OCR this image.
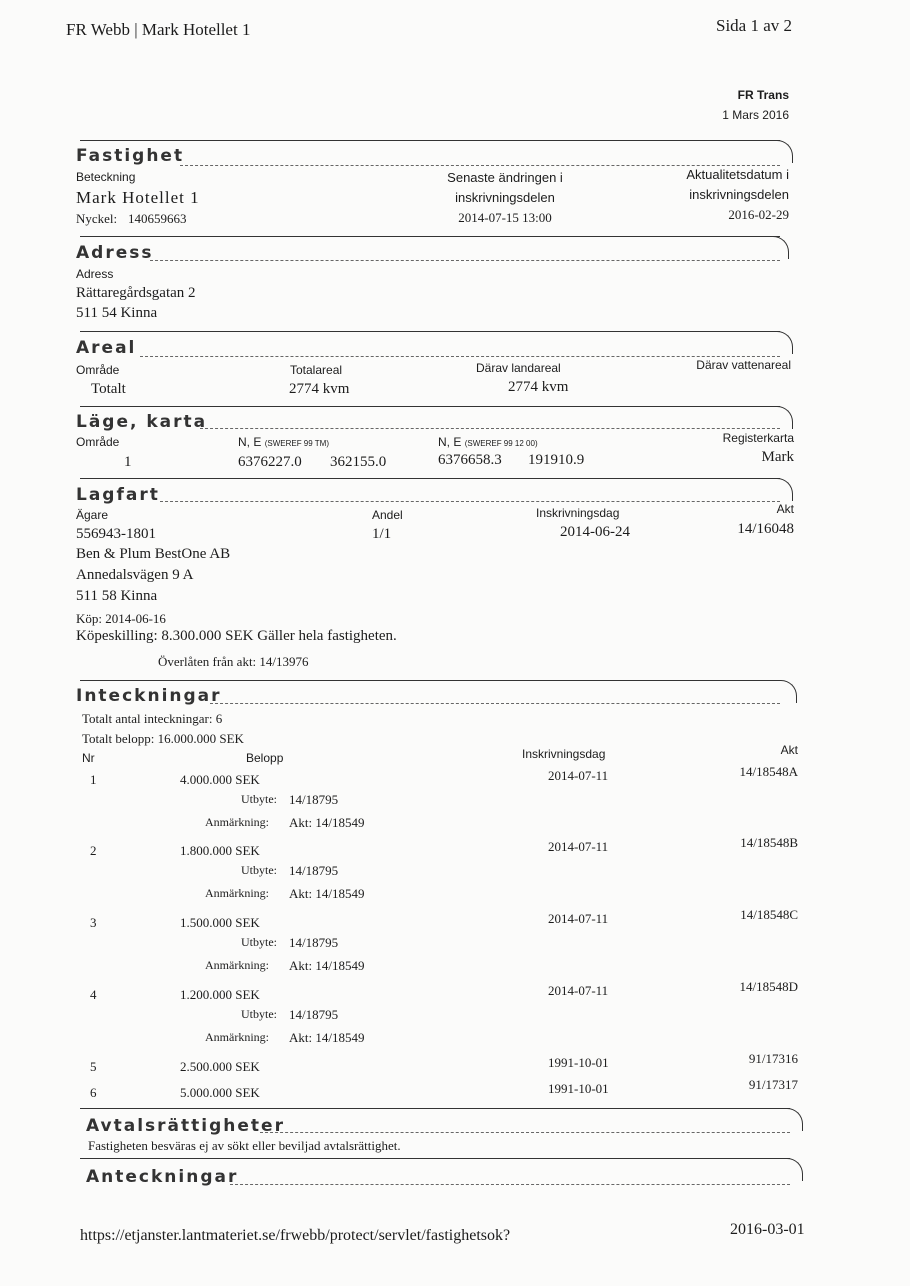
FR Webb | Mark Hotellet 1	Sida 1 av 2
FR Trans
1 Mars 2016
Fastighet
Beteckning
Mark Hotellet 1
Nyckel: 140659663
Senaste ändringen i
inskrivningsdelen
2014-07-15 13:00
Aktualitetsdatum i
inskrivningsdelen
2016-02-29
Adress
Adress
Rättaregårdsgatan 2
511 54 Kinna
Areal
Område	Totalareal	Därav landareal	Därav vattenareal
Totalt	2774 kvm	2774 kvm
Läge, karta
Område	N, E (SWEREF 99 TM)	N, E (SWEREF 99 12 00)	Registerkarta
1	6376227.0 362155.0	6376658.3 191910.9	Mark
Lagfart
Ägare	Andel	Inskrivningsdag	Akt
556943-1801	1/1	2014-06-24	14/16048
Ben & Plum BestOne AB
Annedalsvägen 9 A
511 58 Kinna
Köp: 2014-06-16
Köpeskilling: 8.300.000 SEK Gäller hela fastigheten.
Överlåten från akt: 14/13976
Inteckningar
Totalt antal inteckningar: 6
Totalt belopp: 16.000.000 SEK
Nr	Belopp	Inskrivningsdag	Akt
1	4.000.000 SEK	2014-07-11	14/18548A
Utbyte: 14/18795
Anmärkning: Akt: 14/18549
2	1.800.000 SEK	2014-07-11	14/18548B
Utbyte: 14/18795
Anmärkning: Akt: 14/18549
3	1.500.000 SEK	2014-07-11	14/18548C
Utbyte: 14/18795
Anmärkning: Akt: 14/18549
4	1.200.000 SEK	2014-07-11	14/18548D
Utbyte: 14/18795
Anmärkning: Akt: 14/18549
5	2.500.000 SEK	1991-10-01	91/17316
6	5.000.000 SEK	1991-10-01	91/17317
Avtalsrättigheter
Fastigheten besväras ej av sökt eller beviljad avtalsrättighet.
Anteckningar
https://etjanster.lantmateriet.se/frwebb/protect/servlet/fastighetsok?	2016-03-01
